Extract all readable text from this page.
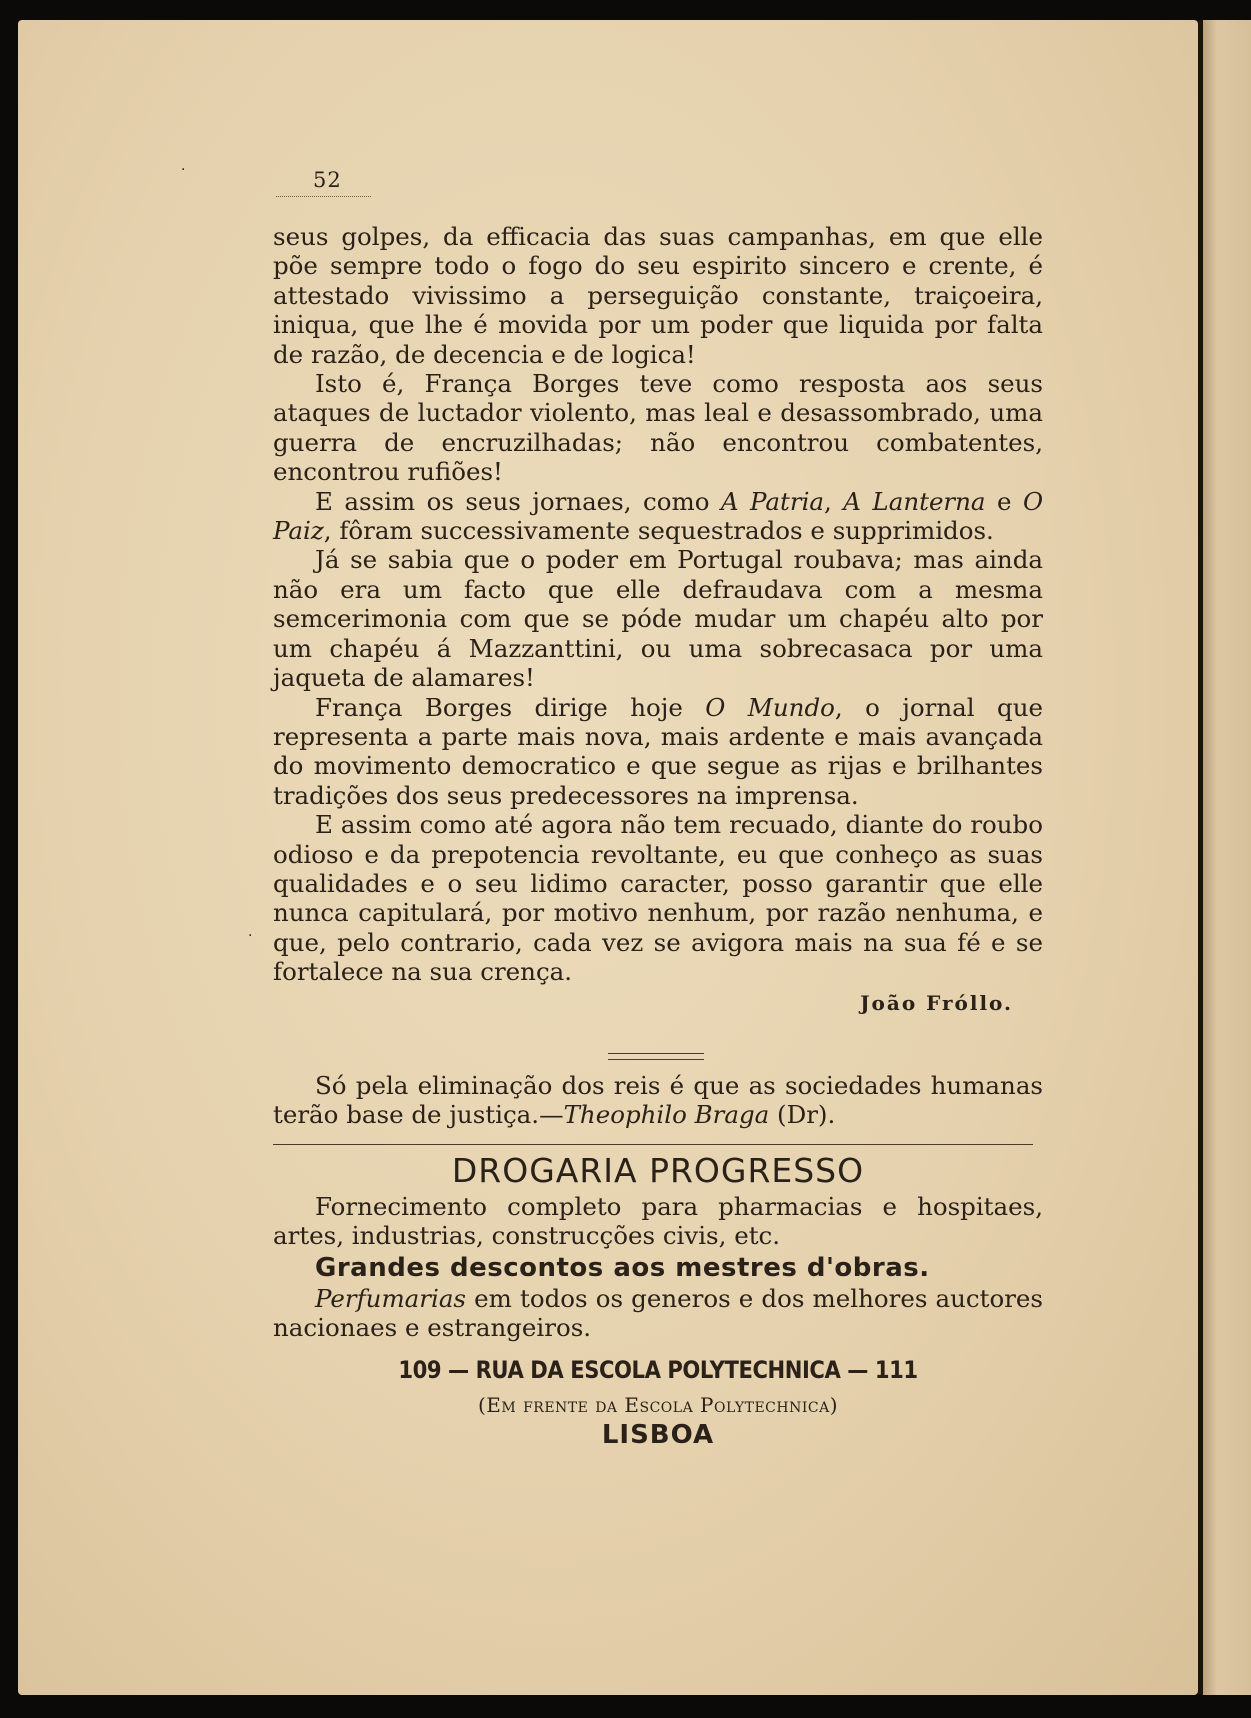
·
.
52

seus golpes, da efficacia das suas campanhas, em que elle põe sempre todo o fogo do seu espirito sincero e crente, é attestado vivissimo a perseguição constante, traiçoeira, iniqua, que lhe é movida por um poder que liquida por falta de razão, de decencia e de logica!

Isto é, França Borges teve como resposta aos seus ataques de luctador violento, mas leal e desassombrado, uma guerra de encruzilhadas; não encontrou combatentes, encontrou rufiões!

E assim os seus jornaes, como A Patria, A Lanterna e O Paiz, fôram successivamente sequestrados e supprimidos.

Já se sabia que o poder em Portugal roubava; mas ainda não era um facto que elle defraudava com a mesma semcerimonia com que se póde mudar um chapéu alto por um chapéu á Mazzanttini, ou uma sobrecasaca por uma jaqueta de alamares!

França Borges dirige hoje O Mundo, o jornal que representa a parte mais nova, mais ardente e mais avançada do movimento democratico e que segue as rijas e brilhantes tradições dos seus predecessores na imprensa.

E assim como até agora não tem recuado, diante do roubo odioso e da prepotencia revoltante, eu que conheço as suas qualidades e o seu lidimo caracter, posso garantir que elle nunca capitulará, por motivo nenhum, por razão nenhuma, e que, pelo contrario, cada vez se avigora mais na sua fé e se fortalece na sua crença.

João Fróllo.
Só pela eliminação dos reis é que as sociedades humanas terão base de justiça.—Theophilo Braga (Dr).

DROGARIA PROGRESSO

Fornecimento completo para pharmacias e hospitaes, artes, industrias, construcções civis, etc.

Grandes descontos aos mestres d'obras.

Perfumarias em todos os generos e dos melhores auctores nacionaes e estrangeiros.

109 — RUA DA ESCOLA POLYTECHNICA — 111
(Em frente da Escola Polytechnica)
LISBOA
